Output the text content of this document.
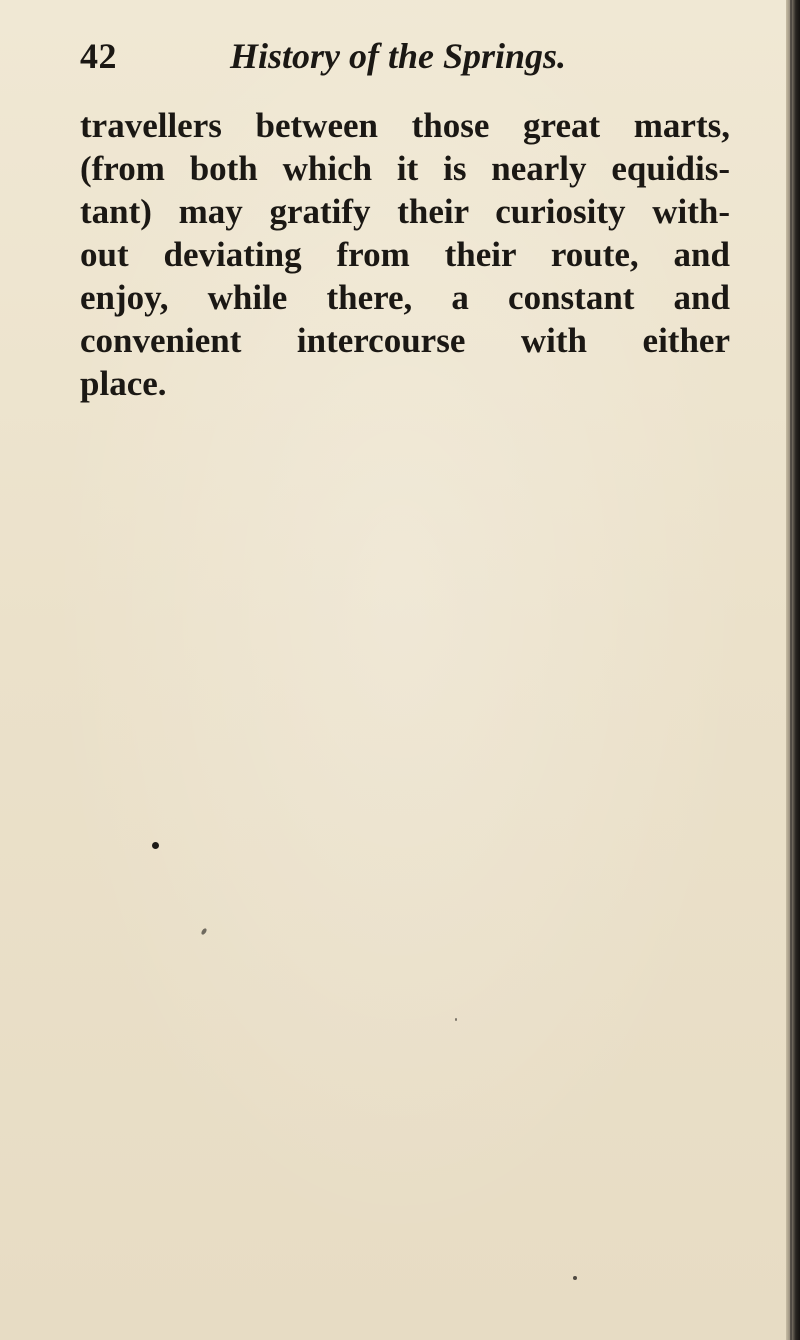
42	History of the Springs.
travellers between those great marts,
(from both which it is nearly equidis-
tant) may gratify their curiosity with-
out deviating from their route, and
enjoy, while there, a constant and
convenient intercourse with either
place.
